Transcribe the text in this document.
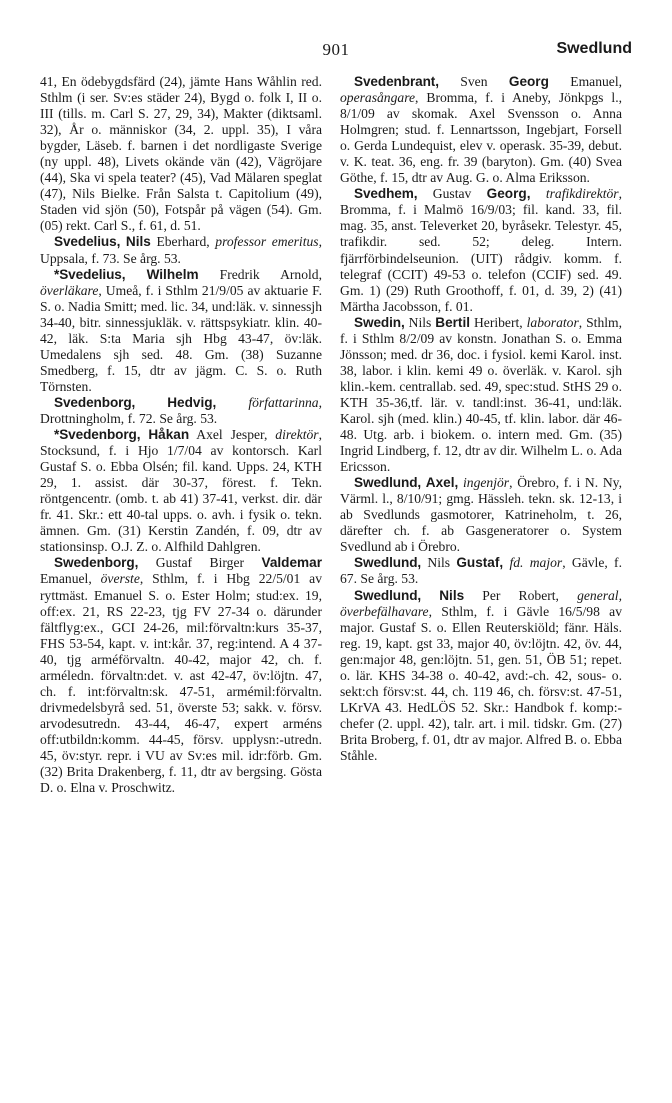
901	Swedlund

41, En ödebygdsfärd (24), jämte Hans Wåhlin red. Sthlm (i ser. Sv:es städer 24), Bygd o. folk I, II o. III (tills. m. Carl S. 27, 29, 34), Makter (diktsaml. 32), År o. människor (34, 2. uppl. 35), I våra bygder, Läseb. f. barnen i det nordligaste Sverige (ny uppl. 48), Livets okände vän (42), Vägröjare (44), Ska vi spela teater? (45), Vad Mälaren speglat (47), Nils Bielke. Från Salsta t. Capitolium (49), Staden vid sjön (50), Fotspår på vägen (54). Gm. (05) rekt. Carl S., f. 61, d. 51.

Svedelius, Nils Eberhard, professor emeritus, Uppsala, f. 73. Se årg. 53.

*Svedelius, Wilhelm Fredrik Arnold, överläkare, Umeå, f. i Sthlm 21/9/05 av aktuarie F. S. o. Nadia Smitt; med. lic. 34, und:läk. v. sinnessjh 34-40, bitr. sinnessjukläk. v. rättspsykiatr. klin. 40-42, läk. S:ta Maria sjh Hbg 43-47, öv:läk. Umedalens sjh sed. 48. Gm. (38) Suzanne Smedberg, f. 15, dtr av jägm. C. S. o. Ruth Törnsten.

Svedenborg, Hedvig, författarinna, Drottningholm, f. 72. Se årg. 53.

*Svedenborg, Håkan Axel Jesper, direktör, Stocksund, f. i Hjo 1/7/04 av kontorsch. Karl Gustaf S. o. Ebba Olsén; fil. kand. Upps. 24, KTH 29, 1. assist. där 30-37, förest. f. Tekn. röntgencentr. (omb. t. ab 41) 37-41, verkst. dir. där fr. 41. Skr.: ett 40-tal upps. o. avh. i fysik o. tekn. ämnen. Gm. (31) Kerstin Zandén, f. 09, dtr av stationsinsp. O.J. Z. o. Alfhild Dahlgren.

Swedenborg, Gustaf Birger Valdemar Emanuel, överste, Sthlm, f. i Hbg 22/5/01 av ryttmäst. Emanuel S. o. Ester Holm; stud:ex. 19, off:ex. 21, RS 22-23, tjg FV 27-34 o. därunder fältflyg:ex., GCI 24-26, mil:förvaltn:kurs 35-37, FHS 53-54, kapt. v. int:kår. 37, reg:intend. A 4 37-40, tjg arméförvaltn. 40-42, major 42, ch. f. arméledn. förvaltn:det. v. ast 42-47, öv:löjtn. 47, ch. f. int:förvaltn:sk. 47-51, armémil:förvaltn. drivmedelsbyrå sed. 51, överste 53; sakk. v. försv. arvodesutredn. 43-44, 46-47, expert arméns off:utbildn:komm. 44-45, försv. upplysn:-utredn. 45, öv:styr. repr. i VU av Sv:es mil. idr:förb. Gm. (32) Brita Drakenberg, f. 11, dtr av bergsing. Gösta D. o. Elna v. Proschwitz.

Svedenbrant, Sven Georg Emanuel, operasångare, Bromma, f. i Aneby, Jönkpgs l., 8/1/09 av skomak. Axel Svensson o. Anna Holmgren; stud. f. Lennartsson, Ingebjart, Forsell o. Gerda Lundequist, elev v. operask. 35-39, debut. v. K. teat. 36, eng. fr. 39 (baryton). Gm. (40) Svea Göthe, f. 15, dtr av Aug. G. o. Alma Eriksson.

Svedhem, Gustav Georg, trafikdirektör, Bromma, f. i Malmö 16/9/03; fil. kand. 33, fil. mag. 35, anst. Televerket 20, byråsekr. Telestyr. 45, trafikdir. sed. 52; deleg. Intern. fjärrförbindelseunion. (UIT) rådgiv. komm. f. telegraf (CCIT) 49-53 o. telefon (CCIF) sed. 49. Gm. 1) (29) Ruth Groothoff, f. 01, d. 39, 2) (41) Märtha Jacobsson, f. 01.

Swedin, Nils Bertil Heribert, laborator, Sthlm, f. i Sthlm 8/2/09 av konstn. Jonathan S. o. Emma Jönsson; med. dr 36, doc. i fysiol. kemi Karol. inst. 38, labor. i klin. kemi 49 o. överläk. v. Karol. sjh klin.-kem. centrallab. sed. 49, spec:stud. StHS 29 o. KTH 35-36,tf. lär. v. tandl:inst. 36-41, und:läk. Karol. sjh (med. klin.) 40-45, tf. klin. labor. där 46-48. Utg. arb. i biokem. o. intern med. Gm. (35) Ingrid Lindberg, f. 12, dtr av dir. Wilhelm L. o. Ada Ericsson.

Swedlund, Axel, ingenjör, Örebro, f. i N. Ny, Värml. l., 8/10/91; gmg. Hässleh. tekn. sk. 12-13, i ab Svedlunds gasmotorer, Katrineholm, t. 26, därefter ch. f. ab Gasgeneratorer o. System Svedlund ab i Örebro.

Swedlund, Nils Gustaf, fd. major, Gävle, f. 67. Se årg. 53.

Swedlund, Nils Per Robert, general, överbefälhavare, Sthlm, f. i Gävle 16/5/98 av major. Gustaf S. o. Ellen Reuterskiöld; fänr. Häls. reg. 19, kapt. gst 33, major 40, öv:löjtn. 42, öv. 44, gen:major 48, gen:löjtn. 51, gen. 51, ÖB 51; repet. o. lär. KHS 34-38 o. 40-42, avd:-ch. 42, sous- o. sekt:ch försv:st. 44, ch. 119 46, ch. försv:st. 47-51, LKrVA 43. HedLÖS 52. Skr.: Handbok f. komp:-chefer (2. uppl. 42), talr. art. i mil. tidskr. Gm. (27) Brita Broberg, f. 01, dtr av major. Alfred B. o. Ebba Ståhle.
